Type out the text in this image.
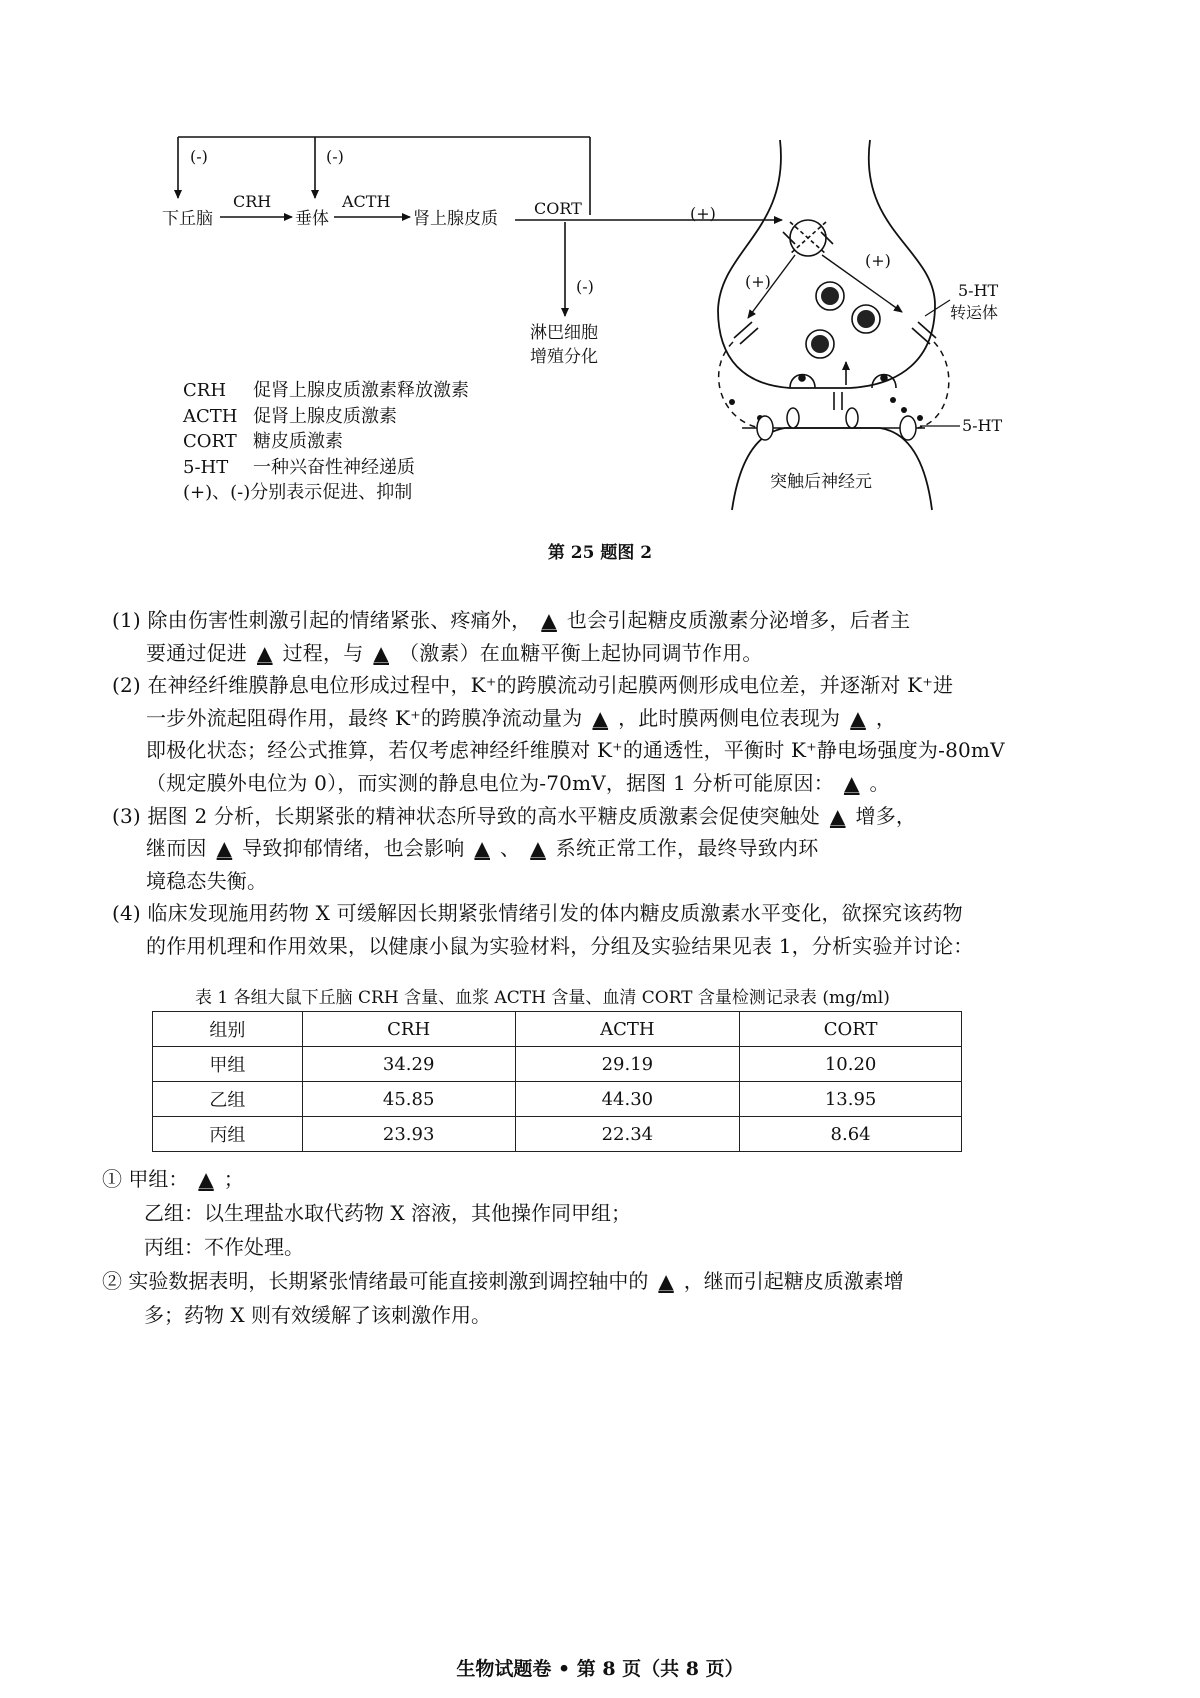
(-)	(-)
下丘脑
CRH
垂体
ACTH
肾上腺皮质
CORT	(+)
(-)
淋巴细胞
增殖分化
突触后神经元
(+)
(+)
5-HT
转运体
5-HT
CRH 促肾上腺皮质激素释放激素
ACTH 促肾上腺皮质激素
CORT 糖皮质激素
5-HT 一种兴奋性神经递质
(+)、(-)分别表示促进、抑制
第 25 题图 2

(1) 除由伤害性刺激引起的情绪紧张、疼痛外， ▲ 也会引起糖皮质激素分泌增多，后者主

要通过促进 ▲ 过程，与 ▲ （激素）在血糖平衡上起协同调节作用。

(2) 在神经纤维膜静息电位形成过程中，K⁺的跨膜流动引起膜两侧形成电位差，并逐渐对 K⁺进

一步外流起阻碍作用，最终 K⁺的跨膜净流动量为 ▲ ，此时膜两侧电位表现为 ▲ ，

即极化状态；经公式推算，若仅考虑神经纤维膜对 K⁺的通透性，平衡时 K⁺静电场强度为-80mV

（规定膜外电位为 0），而实测的静息电位为-70mV，据图 1 分析可能原因： ▲ 。

(3) 据图 2 分析，长期紧张的精神状态所导致的高水平糖皮质激素会促使突触处 ▲ 增多，

继而因 ▲ 导致抑郁情绪，也会影响 ▲ 、 ▲ 系统正常工作，最终导致内环

境稳态失衡。

(4) 临床发现施用药物 X 可缓解因长期紧张情绪引发的体内糖皮质激素水平变化，欲探究该药物

的作用机理和作用效果，以健康小鼠为实验材料，分组及实验结果见表 1，分析实验并讨论：

表 1 各组大鼠下丘脑 CRH 含量、血浆 ACTH 含量、血清 CORT 含量检测记录表 (mg/ml)
组别	CRH	ACTH	CORT
甲组	34.29	29.19	10.20
乙组	45.85	44.30	13.95
丙组	23.93	22.34	8.64

① 甲组： ▲ ；

乙组：以生理盐水取代药物 X 溶液，其他操作同甲组；

丙组：不作处理。

② 实验数据表明，长期紧张情绪最可能直接刺激到调控轴中的 ▲ ，继而引起糖皮质激素增

多；药物 X 则有效缓解了该刺激作用。

生物试题卷 • 第 8 页（共 8 页）
